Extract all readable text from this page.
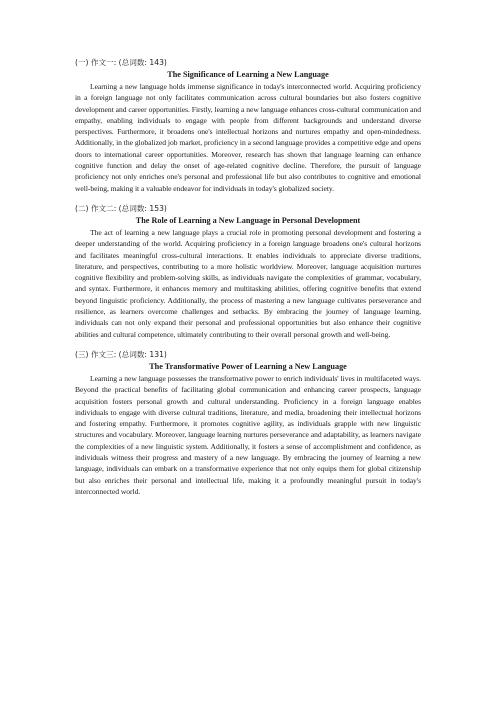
(一) 作文一: (总词数: 143)
The Significance of Learning a New Language

Learning a new language holds immense significance in today's interconnected world. Acquiring proficiency in a foreign language not only facilitates communication across cultural boundaries but also fosters cognitive development and career opportunities. Firstly, learning a new language enhances cross-cultural communication and empathy, enabling individuals to engage with people from different backgrounds and understand diverse perspectives. Furthermore, it broadens one's intellectual horizons and nurtures empathy and open-mindedness. Additionally, in the globalized job market, proficiency in a second language provides a competitive edge and opens doors to international career opportunities. Moreover, research has shown that language learning can enhance cognitive function and delay the onset of age-related cognitive decline. Therefore, the pursuit of language proficiency not only enriches one's personal and professional life but also contributes to cognitive and emotional well-being, making it a valuable endeavor for individuals in today's globalized society.

(二) 作文二: (总词数: 153)
The Role of Learning a New Language in Personal Development

The act of learning a new language plays a crucial role in promoting personal development and fostering a deeper understanding of the world. Acquiring proficiency in a foreign language broadens one's cultural horizons and facilitates meaningful cross-cultural interactions. It enables individuals to appreciate diverse traditions, literature, and perspectives, contributing to a more holistic worldview. Moreover, language acquisition nurtures cognitive flexibility and problem-solving skills, as individuals navigate the complexities of grammar, vocabulary, and syntax. Furthermore, it enhances memory and multitasking abilities, offering cognitive benefits that extend beyond linguistic proficiency. Additionally, the process of mastering a new language cultivates perseverance and resilience, as learners overcome challenges and setbacks. By embracing the journey of language learning, individuals can not only expand their personal and professional opportunities but also enhance their cognitive abilities and cultural competence, ultimately contributing to their overall personal growth and well-being.

(三) 作文三: (总词数: 131)
The Transformative Power of Learning a New Language

Learning a new language possesses the transformative power to enrich individuals' lives in multifaceted ways. Beyond the practical benefits of facilitating global communication and enhancing career prospects, language acquisition fosters personal growth and cultural understanding. Proficiency in a foreign language enables individuals to engage with diverse cultural traditions, literature, and media, broadening their intellectual horizons and fostering empathy. Furthermore, it promotes cognitive agility, as individuals grapple with new linguistic structures and vocabulary. Moreover, language learning nurtures perseverance and adaptability, as learners navigate the complexities of a new linguistic system. Additionally, it fosters a sense of accomplishment and confidence, as individuals witness their progress and mastery of a new language. By embracing the journey of learning a new language, individuals can embark on a transformative experience that not only equips them for global citizenship but also enriches their personal and intellectual life, making it a profoundly meaningful pursuit in today's interconnected world.
